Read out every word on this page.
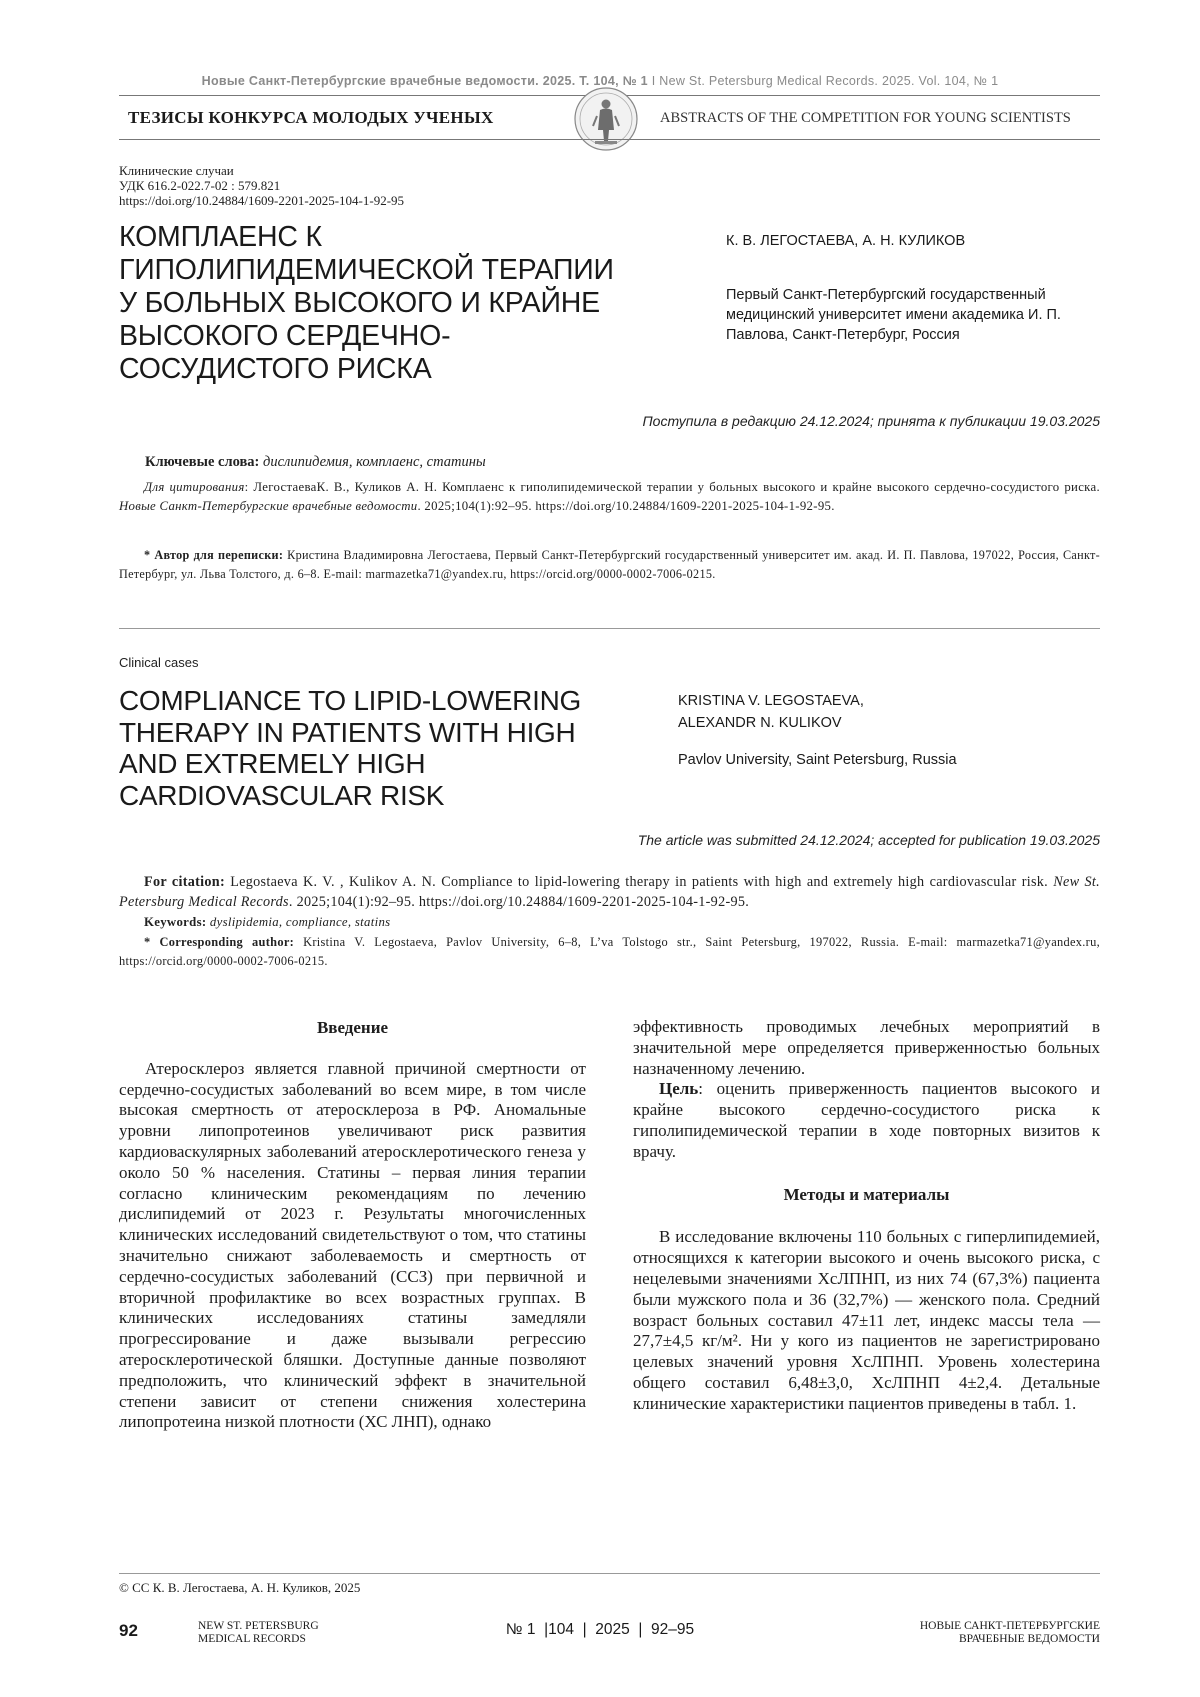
Новые Санкт-Петербургские врачебные ведомости. 2025. Т. 104, № 1 I New St. Petersburg Medical Records. 2025. Vol. 104, № 1
ТЕЗИСЫ КОНКУРСА МОЛОДЫХ УЧЕНЫХ	ABSTRACTS OF THE COMPETITION FOR YOUNG SCIENTISTS
Клинические случаи
УДК 616.2-022.7-02 : 579.821
https://doi.org/10.24884/1609-2201-2025-104-1-92-95
КОМПЛАЕНС К ГИПОЛИПИДЕМИЧЕСКОЙ ТЕРАПИИ У БОЛЬНЫХ ВЫСОКОГО И КРАЙНЕ ВЫСОКОГО СЕРДЕЧНО-СОСУДИСТОГО РИСКА
К. В. ЛЕГОСТАЕВА, А. Н. КУЛИКОВ
Первый Санкт-Петербургский государственный медицинский университет имени академика И. П. Павлова, Санкт-Петербург, Россия
Поступила в редакцию 24.12.2024; принята к публикации 19.03.2025
Ключевые слова: дислипидемия, комплаенс, статины
Для цитирования: ЛегостаеваК. В., Куликов А. Н. Комплаенс к гиполипидемической терапии у больных высокого и крайне высокого сердечно-сосудистого риска. Новые Санкт-Петербургские врачебные ведомости. 2025;104(1):92–95. https://doi.org/10.24884/1609-2201-2025-104-1-92-95.
* Автор для переписки: Кристина Владимировна Легостаева, Первый Санкт-Петербургский государственный университет им. акад. И. П. Павлова, 197022, Россия, Санкт-Петербург, ул. Льва Толстого, д. 6–8. E-mail: marmazetka71@yandex.ru, https://orcid.org/0000-0002-7006-0215.
Clinical cases
COMPLIANCE TO LIPID-LOWERING THERAPY IN PATIENTS WITH HIGH AND EXTREMELY HIGH CARDIOVASCULAR RISK
KRISTINA V. LEGOSTAEVA,
ALEXANDR N. KULIKOV
Pavlov University, Saint Petersburg, Russia
The article was submitted 24.12.2024; accepted for publication 19.03.2025
For citation: Legostaeva K. V. , Kulikov A. N. Compliance to lipid-lowering therapy in patients with high and extremely high cardiovascular risk. New St. Petersburg Medical Records. 2025;104(1):92–95. https://doi.org/10.24884/1609-2201-2025-104-1-92-95.
Keywords: dyslipidemia, compliance, statins
* Corresponding author: Kristina V. Legostaeva, Pavlov University, 6–8, L’va Tolstogo str., Saint Petersburg, 197022, Russia. E-mail: marmazetka71@yandex.ru, https://orcid.org/0000-0002-7006-0215.
Введение

Атеросклероз является главной причиной смертности от сердечно-сосудистых заболеваний во всем мире, в том числе высокая смертность от атеросклероза в РФ. Аномальные уровни липопротеинов увеличивают риск развития кардиоваскулярных заболеваний атеросклеротического генеза у около 50 % населения. Статины – первая линия терапии согласно клиническим рекомендациям по лечению дислипидемий от 2023 г. Результаты многочисленных клинических исследований свидетельствуют о том, что статины значительно снижают заболеваемость и смертность от сердечно-сосудистых заболеваний (ССЗ) при первичной и вторичной профилактике во всех возрастных группах. В клинических исследованиях статины замедляли прогрессирование и даже вызывали регрессию атеросклеротической бляшки. Доступные данные позволяют предположить, что клинический эффект в значительной степени зависит от степени снижения холестерина липопротеина низкой плотности (ХС ЛНП), однако

эффективность проводимых лечебных мероприятий в значительной мере определяется приверженностью больных назначенному лечению.

Цель: оценить приверженность пациентов высокого и крайне высокого сердечно-сосудистого риска к гиполипидемической терапии в ходе повторных визитов к врачу.

Методы и материалы

В исследование включены 110 больных с гиперлипидемией, относящихся к категории высокого и очень высокого риска, с нецелевыми значениями ХсЛПНП, из них 74 (67,3%) пациента были мужского пола и 36 (32,7%) — женского пола. Средний возраст больных составил 47±11 лет, индекс массы тела — 27,7±4,5 кг/м². Ни у кого из пациентов не зарегистрировано целевых значений уровня ХсЛПНП. Уровень холестерина общего составил 6,48±3,0, ХсЛПНП 4±2,4. Детальные клинические характеристики пациентов приведены в табл. 1.

© CC К. В. Легостаева, А. Н. Куликов, 2025
92	NEW ST. PETERSBURG
MEDICAL RECORDS
№ 1  |104  |  2025  |  92–95	НОВЫЕ САНКТ-ПЕТЕРБУРГСКИЕ
ВРАЧЕБНЫЕ ВЕДОМОСТИ
